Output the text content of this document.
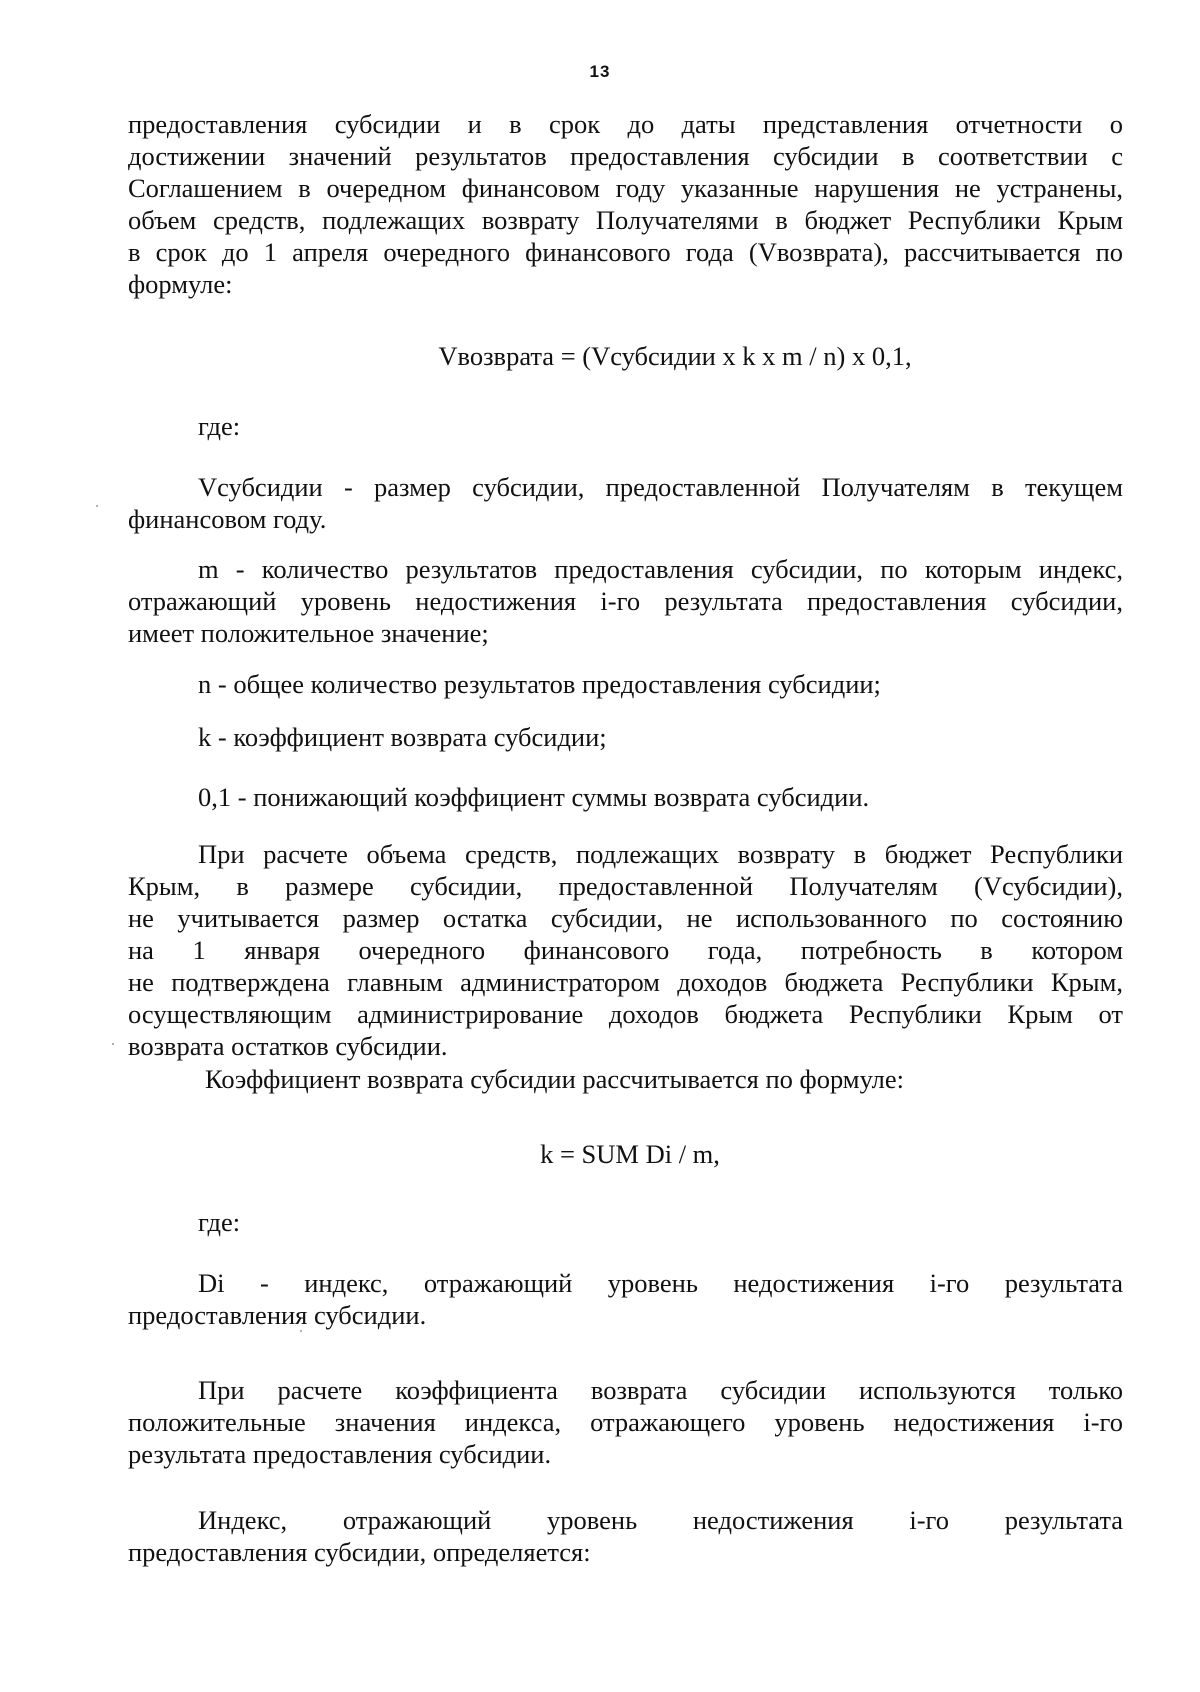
13
предоставления субсидии и в срок до даты представления отчетности о
достижении значений результатов предоставления субсидии в соответствии с
Соглашением в очередном финансовом году указанные нарушения не устранены,
объем средств, подлежащих возврату Получателями в бюджет Республики Крым
в срок до 1 апреля очередного финансового года (Vвозврата), рассчитывается по
формуле:
Vвозврата = (Vсубсидии x k x m / n) x 0,1,
где:
Vсубсидии - размер субсидии, предоставленной Получателям в текущем
финансовом году.
m - количество результатов предоставления субсидии, по которым индекс,
отражающий уровень недостижения i-го результата предоставления субсидии,
имеет положительное значение;
n - общее количество результатов предоставления субсидии;
k - коэффициент возврата субсидии;
0,1 - понижающий коэффициент суммы возврата субсидии.
При расчете объема средств, подлежащих возврату в бюджет Республики
Крым, в размере субсидии, предоставленной Получателям (Vсубсидии),
не учитывается размер остатка субсидии, не использованного по состоянию
на 1 января очередного финансового года, потребность в котором
не подтверждена главным администратором доходов бюджета Республики Крым,
осуществляющим администрирование доходов бюджета Республики Крым от
возврата остатков субсидии.
Коэффициент возврата субсидии рассчитывается по формуле:
k = SUM Di / m,
где:
Di - индекс, отражающий уровень недостижения i-го результата
предоставления субсидии.
При расчете коэффициента возврата субсидии используются только
положительные значения индекса, отражающего уровень недостижения i-го
результата предоставления субсидии.
Индекс, отражающий уровень недостижения i-го результата
предоставления субсидии, определяется:
